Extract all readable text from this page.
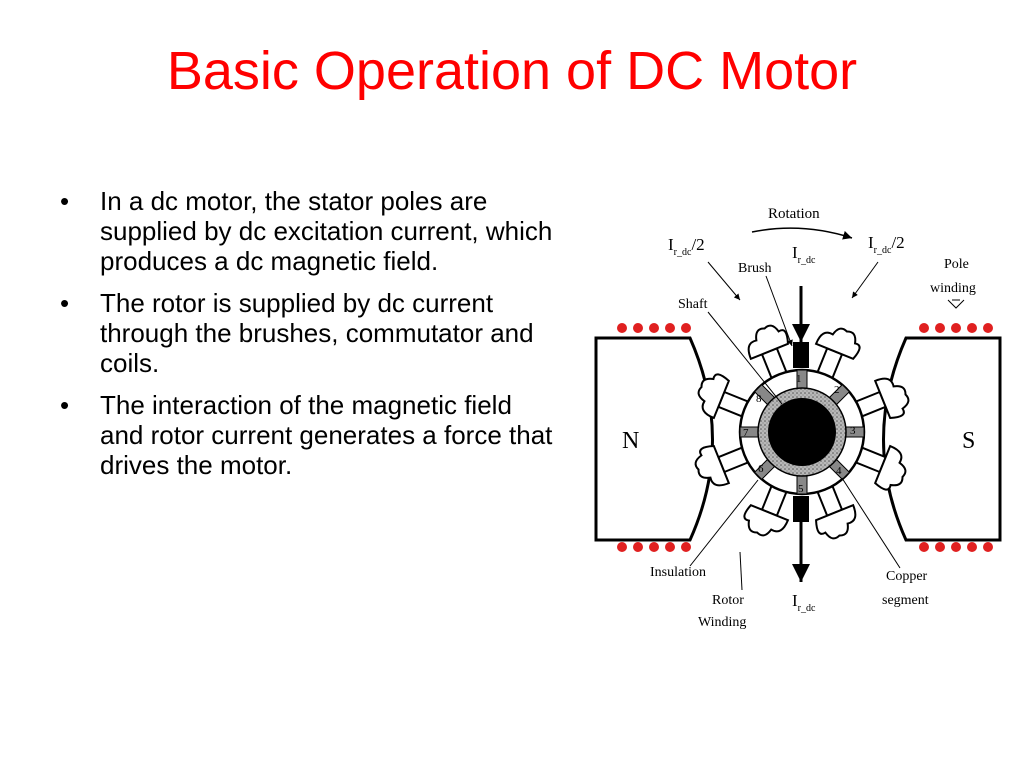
Basic Operation of DC Motor
• In a dc motor, the stator poles are supplied by dc excitation current, which produces a dc magnetic field.
• The rotor is supplied by dc current through the brushes, commutator and coils.
• The interaction of the magnetic field and rotor current generates a force that drives the motor.
N	S
1
2
3
4
5
6
7
8
Rotation
$I_{r\_dc}/2$	$I_{r\_dc}/2$
$I_{r\_dc}$
$I_{r\_dc}$
Brush
Shaft
Pole
winding
Insulation
Rotor
Winding
Copper
segment
